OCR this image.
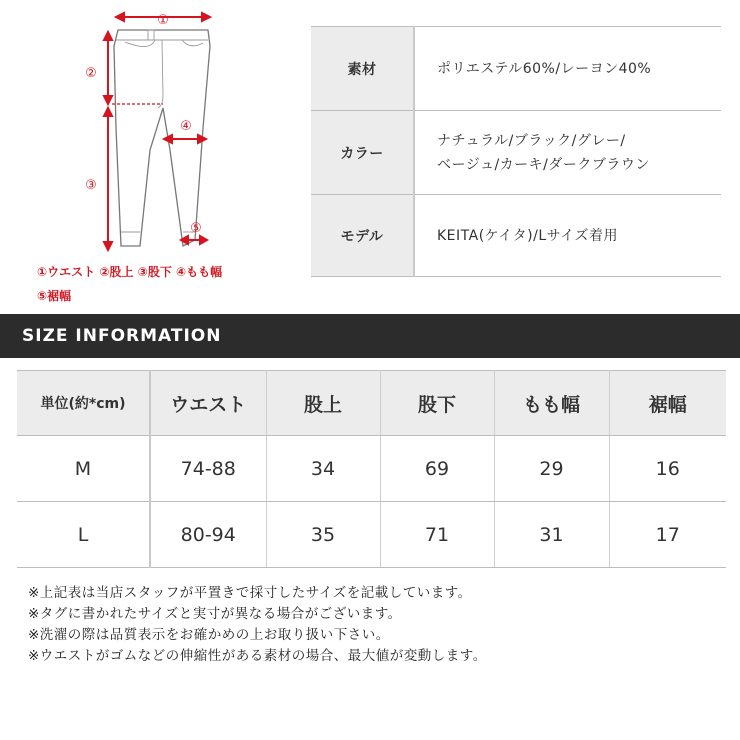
①
②
③
④
⑤
①ウエスト ②股上 ③股下 ④もも幅
⑤裾幅
素材	ポリエステル60%/レーヨン40%

カラー	ナチュラル/ブラック/グレー/
ベージュ/カーキ/ダークブラウン

モデル	KEITA(ケイタ)/Lサイズ着用
SIZE INFORMATION
単位(約*cm)	ウエスト	股上	股下	もも幅	裾幅
M	74-88	34	69	29	16
L	80-94	35	71	31	17
※上記表は当店スタッフが平置きで採寸したサイズを記載しています。
※タグに書かれたサイズと実寸が異なる場合がございます。
※洗濯の際は品質表示をお確かめの上お取り扱い下さい。
※ウエストがゴムなどの伸縮性がある素材の場合、最大値が変動します。
